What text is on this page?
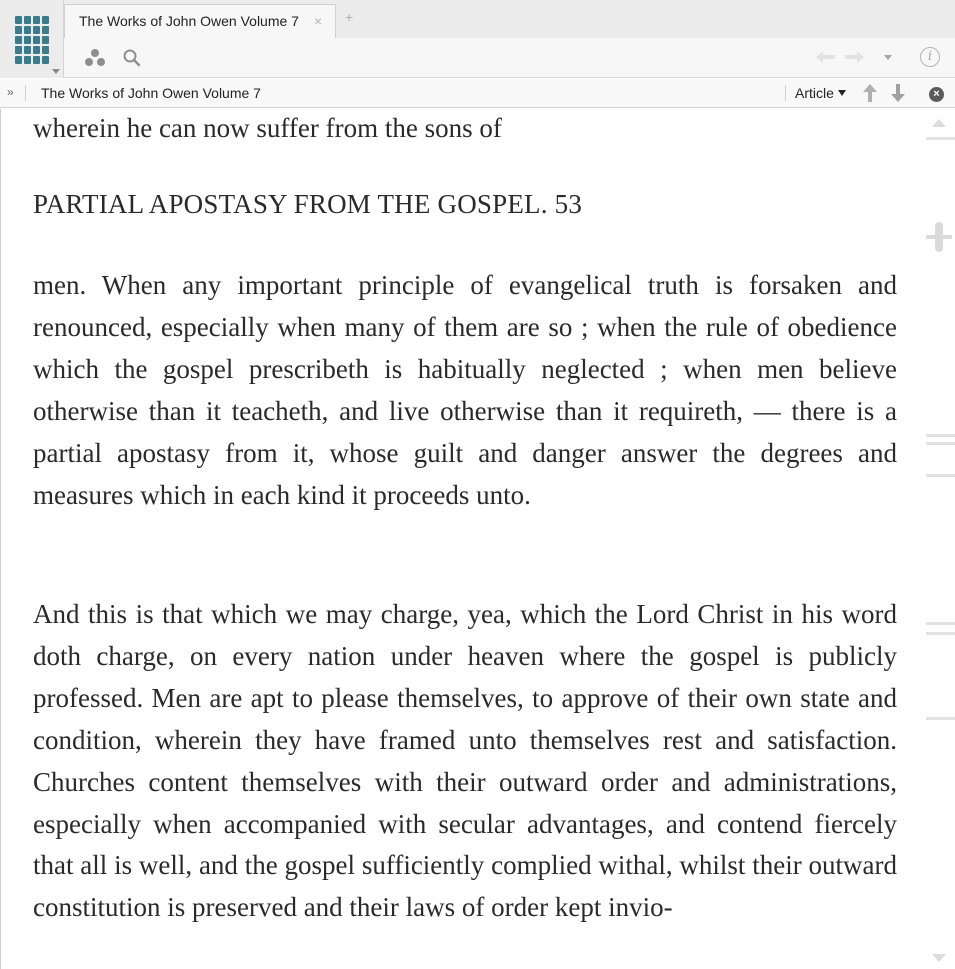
The Works of John Owen Volume 7 × +
i
» The Works of John Owen Volume 7	Article	×
wherein he can now suffer from the sons of
PARTIAL APOSTASY FROM THE GOSPEL. 53

men. When any important principle of evangelical truth is forsaken and renounced, especially when many of them are so ; when the rule of obedience which the gospel prescribeth is habitually neglected ; when men believe otherwise than it teacheth, and live otherwise than it requireth, — there is a partial apostasy from it, whose guilt and danger answer the degrees and measures which in each kind it proceeds unto.

And this is that which we may charge, yea, which the Lord Christ in his word doth charge, on every nation under heaven where the gospel is publicly professed. Men are apt to please themselves, to approve of their own state and condition, wherein they have framed unto themselves rest and satisfaction. Churches content themselves with their outward order and administrations, especially when accompanied with secular advantages, and contend fiercely that all is well, and the gospel sufficiently complied withal, whilst their outward constitution is preserved and their laws of order kept invio-
